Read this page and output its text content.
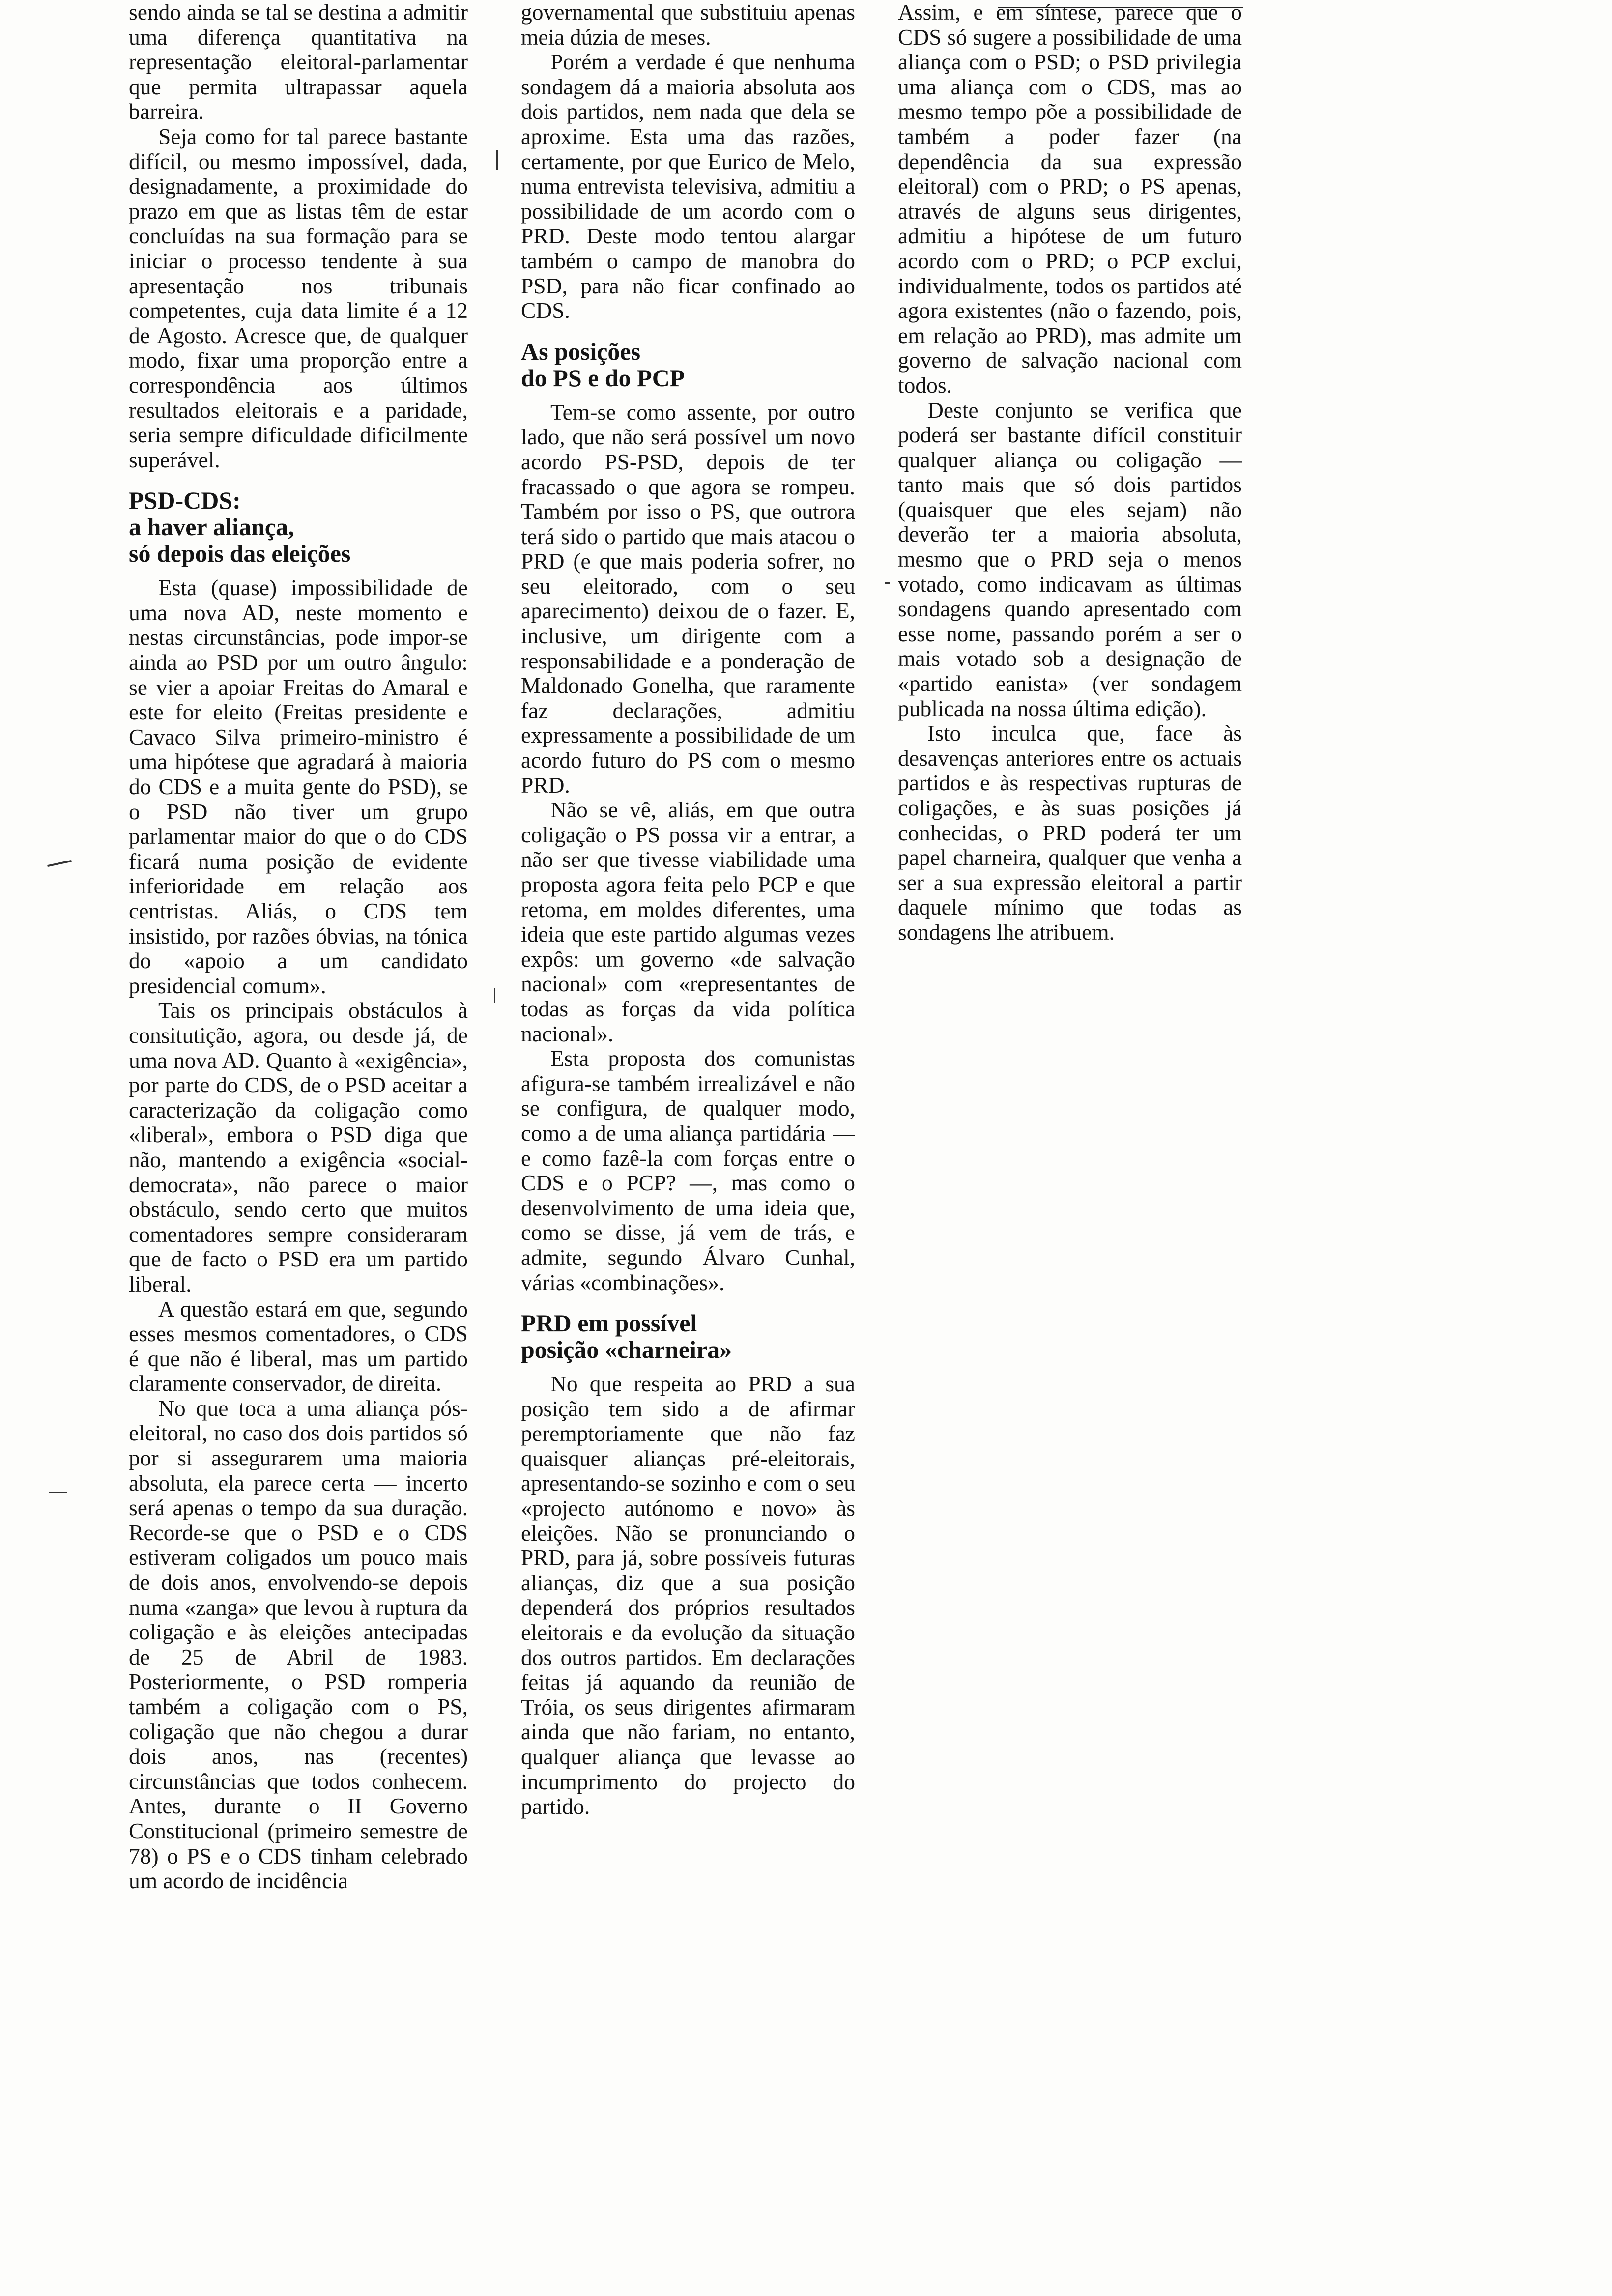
sendo ainda se tal se destina a admitir uma diferença quantitativa na representação eleitoral-parlamentar que permita ultrapassar aquela barreira.

Seja como for tal parece bastante difícil, ou mesmo impossível, dada, designadamente, a proximidade do prazo em que as listas têm de estar concluídas na sua formação para se iniciar o processo tendente à sua apresentação nos tribunais competentes, cuja data limite é a 12 de Agosto. Acresce que, de qualquer modo, fixar uma proporção entre a correspondência aos últimos resultados eleitorais e a paridade, seria sempre dificuldade dificilmente superável.

PSD-CDS:
a haver aliança,
só depois das eleições

Esta (quase) impossibilidade de uma nova AD, neste momento e nestas circunstâncias, pode impor-se ainda ao PSD por um outro ângulo: se vier a apoiar Freitas do Amaral e este for eleito (Freitas presidente e Cavaco Silva primeiro-ministro é uma hipótese que agradará à maioria do CDS e a muita gente do PSD), se o PSD não tiver um grupo parlamentar maior do que o do CDS ficará numa posição de evidente inferioridade em relação aos centristas. Aliás, o CDS tem insistido, por razões óbvias, na tónica do «apoio a um candidato presidencial comum».

Tais os principais obstáculos à consitutição, agora, ou desde já, de uma nova AD. Quanto à «exigência», por parte do CDS, de o PSD aceitar a caracterização da coligação como «liberal», embora o PSD diga que não, mantendo a exigência «social-democrata», não parece o maior obstáculo, sendo certo que muitos comentadores sempre consideraram que de facto o PSD era um partido liberal.

A questão estará em que, segundo esses mesmos comentadores, o CDS é que não é liberal, mas um partido claramente conservador, de direita.

No que toca a uma aliança pós-eleitoral, no caso dos dois partidos só por si assegurarem uma maioria absoluta, ela parece certa — incerto será apenas o tempo da sua duração. Recorde-se que o PSD e o CDS estiveram coligados um pouco mais de dois anos, envolvendo-se depois numa «zanga» que levou à ruptura da coligação e às eleições antecipadas de 25 de Abril de 1983. Posteriormente, o PSD romperia também a coligação com o PS, coligação que não chegou a durar dois anos, nas (recentes) circunstâncias que todos conhecem. Antes, durante o II Governo Constitucional (primeiro semestre de 78) o PS e o CDS tinham celebrado um acordo de incidência

governamental que substituiu apenas meia dúzia de meses.

Porém a verdade é que nenhuma sondagem dá a maioria absoluta aos dois partidos, nem nada que dela se aproxime. Esta uma das razões, certamente, por que Eurico de Melo, numa entrevista televisiva, admitiu a possibilidade de um acordo com o PRD. Deste modo tentou alargar também o campo de manobra do PSD, para não ficar confinado ao CDS.

As posições
do PS e do PCP

Tem-se como assente, por outro lado, que não será possível um novo acordo PS-PSD, depois de ter fracassado o que agora se rompeu. Também por isso o PS, que outrora terá sido o partido que mais atacou o PRD (e que mais poderia sofrer, no seu eleitorado, com o seu aparecimento) deixou de o fazer. E, inclusive, um dirigente com a responsabilidade e a ponderação de Maldonado Gonelha, que raramente faz declarações, admitiu expressamente a possibilidade de um acordo futuro do PS com o mesmo PRD.

Não se vê, aliás, em que outra coligação o PS possa vir a entrar, a não ser que tivesse viabilidade uma proposta agora feita pelo PCP e que retoma, em moldes diferentes, uma ideia que este partido algumas vezes expôs: um governo «de salvação nacional» com «representantes de todas as forças da vida política nacional».

Esta proposta dos comunistas afigura-se também irrealizável e não se configura, de qualquer modo, como a de uma aliança partidária — e como fazê-la com forças entre o CDS e o PCP? —, mas como o desenvolvimento de uma ideia que, como se disse, já vem de trás, e admite, segundo Álvaro Cunhal, várias «combinações».

PRD em possível
posição «charneira»

No que respeita ao PRD a sua posição tem sido a de afirmar peremptoriamente que não faz quaisquer alianças pré-eleitorais, apresentando-se sozinho e com o seu «projecto autónomo e novo» às eleições. Não se pronunciando o PRD, para já, sobre possíveis futuras alianças, diz que a sua posição dependerá dos próprios resultados eleitorais e da evolução da situação dos outros partidos. Em declarações feitas já aquando da reunião de Tróia, os seus dirigentes afirmaram ainda que não fariam, no entanto, qualquer aliança que levasse ao incumprimento do projecto do partido.

Assim, e em síntese, parece que o CDS só sugere a possibilidade de uma aliança com o PSD; o PSD privilegia uma aliança com o CDS, mas ao mesmo tempo põe a possibilidade de também a poder fazer (na dependência da sua expressão eleitoral) com o PRD; o PS apenas, através de alguns seus dirigentes, admitiu a hipótese de um futuro acordo com o PRD; o PCP exclui, individualmente, todos os partidos até agora existentes (não o fazendo, pois, em relação ao PRD), mas admite um governo de salvação nacional com todos.

Deste conjunto se verifica que poderá ser bastante difícil constituir qualquer aliança ou coligação — tanto mais que só dois partidos (quaisquer que eles sejam) não deverão ter a maioria absoluta, mesmo que o PRD seja o menos votado, como indicavam as últimas sondagens quando apresentado com esse nome, passando porém a ser o mais votado sob a designação de «partido eanista» (ver sondagem publicada na nossa última edição).

Isto inculca que, face às desavenças anteriores entre os actuais partidos e às respectivas rupturas de coligações, e às suas posições já conhecidas, o PRD poderá ter um papel charneira, qualquer que venha a ser a sua expressão eleitoral a partir daquele mínimo que todas as sondagens lhe atribuem.
